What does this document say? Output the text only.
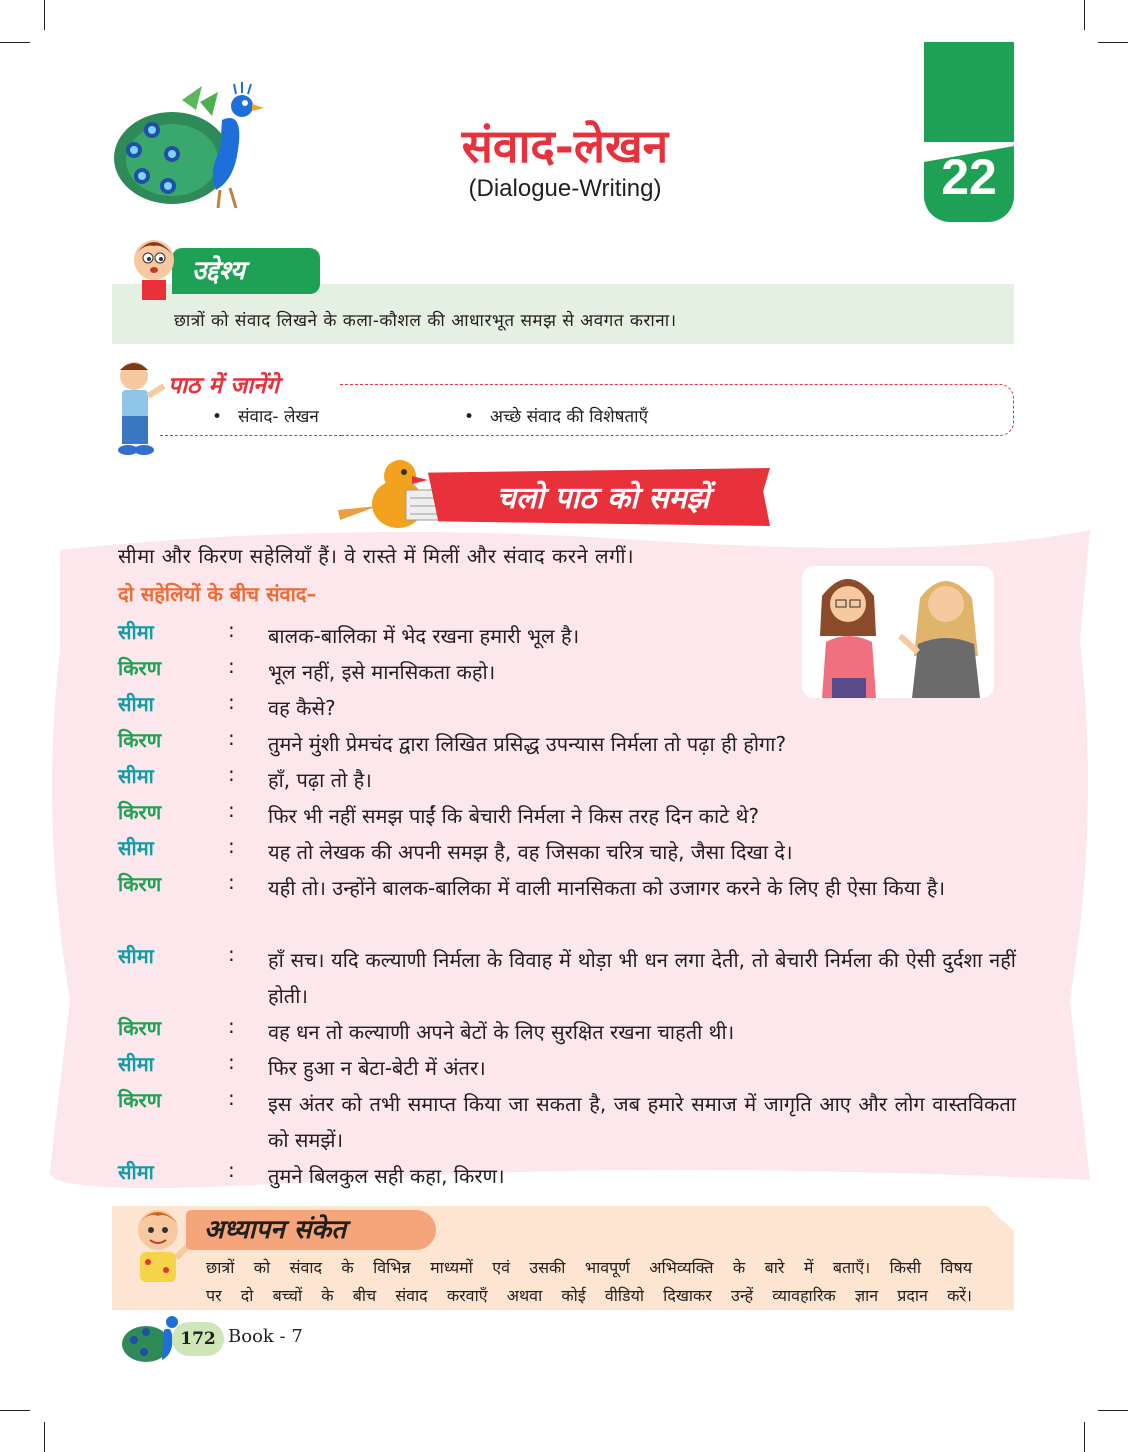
संवाद-लेखन
(Dialogue-Writing)	22
छात्रों को संवाद लिखने के कला-कौशल की आधारभूत समझ से अवगत कराना।
उद्देश्य
पाठ में जानेंगे
• संवाद- लेखन	• अच्छे संवाद की विशेषताएँ
चलो पाठ को समझें
सीमा और किरण सहेलियाँ हैं। वे रास्ते में मिलीं और संवाद करने लगीं।
दो सहेलियों के बीच संवाद–
सीमा	: बालक-बालिका में भेद रखना हमारी भूल है।
किरण	: भूल नहीं, इसे मानसिकता कहो।
सीमा	: वह कैसे?
किरण	: तुमने मुंशी प्रेमचंद द्वारा लिखित प्रसिद्ध उपन्यास निर्मला तो पढ़ा ही होगा?
सीमा	: हाँ, पढ़ा तो है।
किरण	: फिर भी नहीं समझ पाईं कि बेचारी निर्मला ने किस तरह दिन काटे थे?
सीमा	: यह तो लेखक की अपनी समझ है, वह जिसका चरित्र चाहे, जैसा दिखा दे।
किरण	: यही तो। उन्होंने बालक-बालिका में वाली मानसिकता को उजागर करने के लिए ही ऐसा किया है।
सीमा	: हाँ सच। यदि कल्याणी निर्मला के विवाह में थोड़ा भी धन लगा देती, तो बेचारी निर्मला की ऐसी दुर्दशा नहीं होती।
किरण	: वह धन तो कल्याणी अपने बेटों के लिए सुरक्षित रखना चाहती थी।
सीमा	: फिर हुआ न बेटा-बेटी में अंतर।
किरण	: इस अंतर को तभी समाप्त किया जा सकता है, जब हमारे समाज में जागृति आए और लोग वास्तविकता को समझें।
सीमा	: तुमने बिलकुल सही कहा, किरण।
अध्यापन संकेत
छात्रों को संवाद के विभिन्न माध्यमों एवं उसकी भावपूर्ण अभिव्यक्ति के बारे में बताएँ। किसी विषय
पर दो बच्चों के बीच संवाद करवाएँ अथवा कोई वीडियो दिखाकर उन्हें व्यावहारिक ज्ञान प्रदान करें।
172 Book - 7
